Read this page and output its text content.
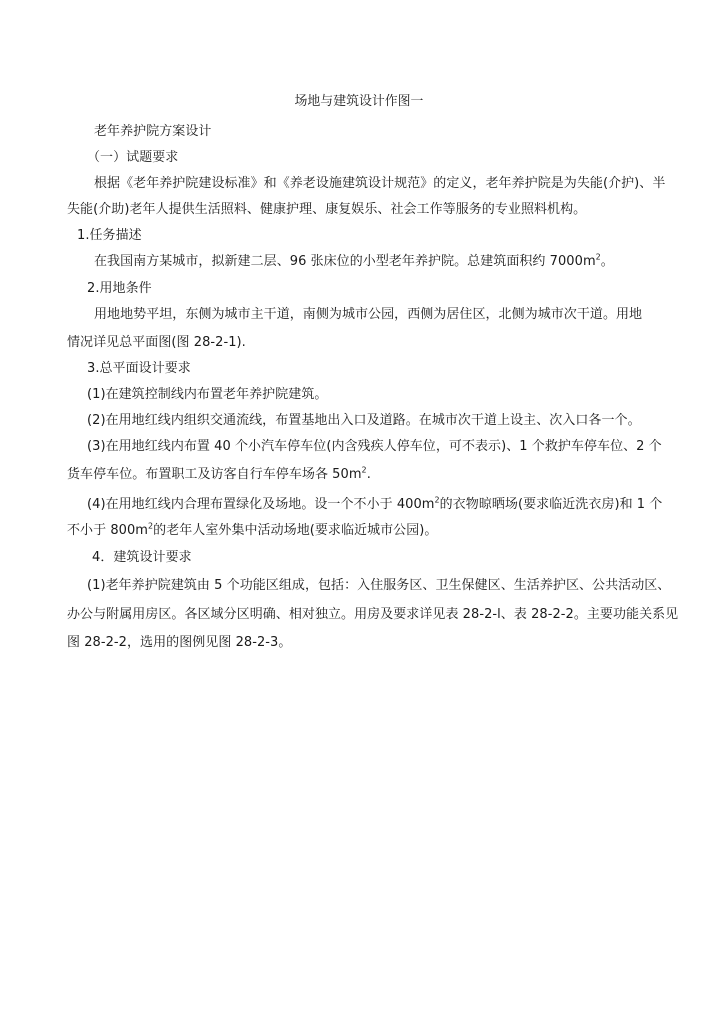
场地与建筑设计作图一
老年养护院方案设计
（一）试题要求
根据《老年养护院建设标准》和《养老设施建筑设计规范》的定义，老年养护院是为失能(介护)、半
失能(介助)老年人提供生活照料、健康护理、康复娱乐、社会工作等服务的专业照料机构。
1.任务描述
在我国南方某城市，拟新建二层、96 张床位的小型老年养护院。总建筑面积约 $7000m^2$。
2.用地条件
用地地势平坦，东侧为城市主干道，南侧为城市公园，西侧为居住区，北侧为城市次干道。用地
情况详见总平面图(图 28-2-1).
3.总平面设计要求
(1)在建筑控制线内布置老年养护院建筑。
(2)在用地红线内组织交通流线，布置基地出入口及道路。在城市次干道上设主、次入口各一个。
(3)在用地红线内布置 40 个小汽车停车位(内含残疾人停车位，可不表示)、1 个救护车停车位、2 个
货车停车位。布置职工及访客自行车停车场各 $50m^2$.
(4)在用地红线内合理布置绿化及场地。设一个不小于 $400m^2$的衣物晾晒场(要求临近洗衣房)和 1 个
不小于 $800m^2$的老年人室外集中活动场地(要求临近城市公园)。
4．建筑设计要求
(1)老年养护院建筑由 5 个功能区组成，包括：入住服务区、卫生保健区、生活养护区、公共活动区、
办公与附属用房区。各区域分区明确、相对独立。用房及要求详见表 28-2-l、表 28-2-2。主要功能关系见
图 28-2-2，选用的图例见图 28-2-3。
